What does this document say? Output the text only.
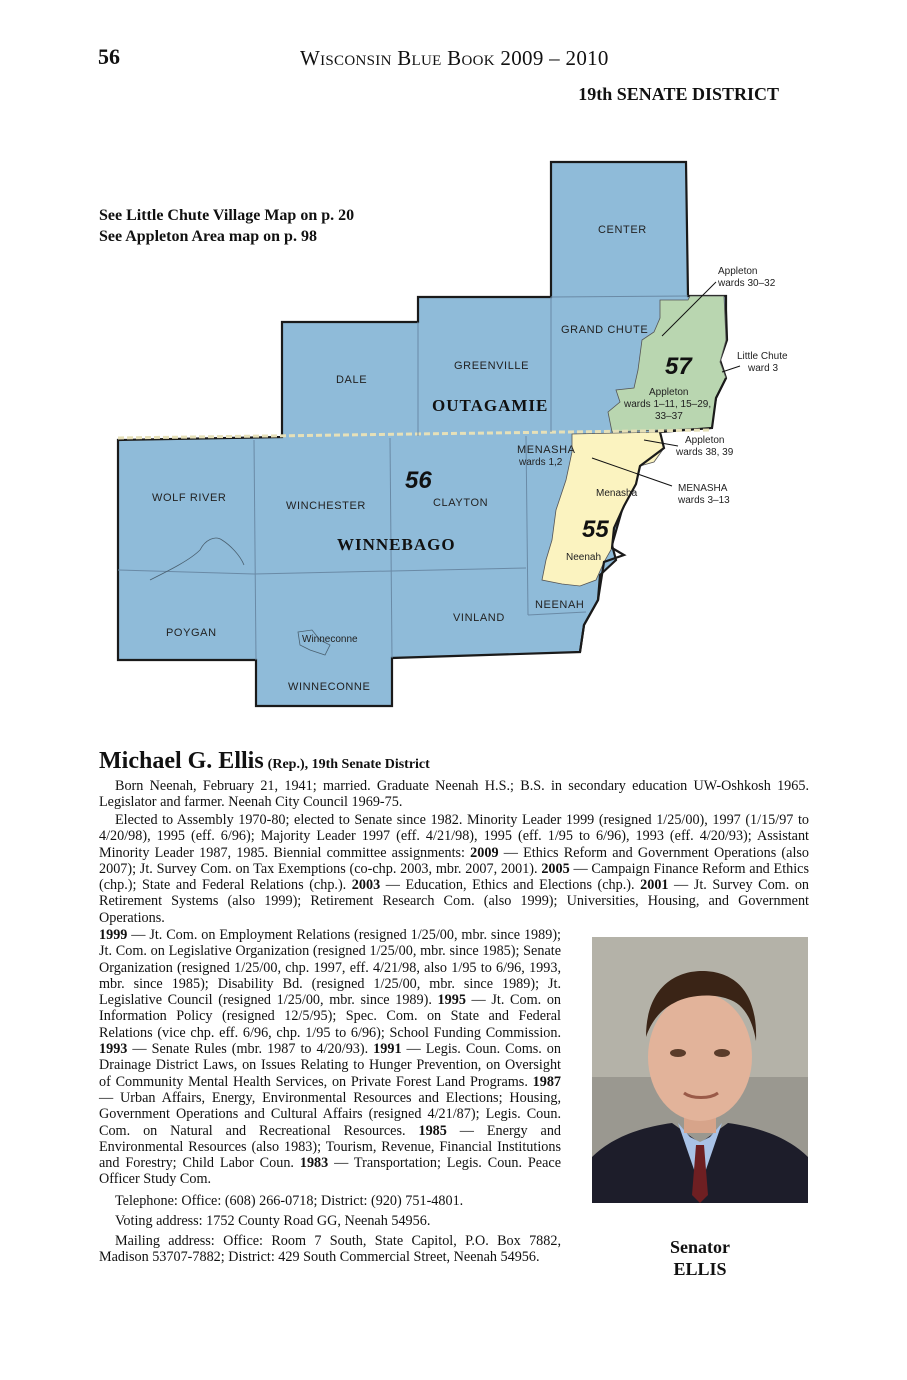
56	Wisconsin Blue Book 2009 – 2010
19th SENATE DISTRICT
CENTER
GRAND CHUTE
GREENVILLE
DALE
MENASHA
wards 1,2
WOLF RIVER
WINCHESTER	CLAYTON
VINLAND
NEENAH
POYGAN
WINNECONNE
Winneconne
Menasha
Neenah
OUTAGAMIE
WINNEBAGO
56
57
55
Appleton
wards 30–32
Little Chute
ward 3
Appleton
wards 1–11, 15–29,
33–37
Appleton
wards 38, 39
MENASHA
wards 3–13
See Little Chute Village Map on p. 20
See Appleton Area map on p. 98
Michael G. Ellis (Rep.), 19th Senate District
Born Neenah, February 21, 1941; married. Graduate Neenah H.S.; B.S. in secondary education UW-Oshkosh 1965. Legislator and farmer. Neenah City Council 1969-75.
Elected to Assembly 1970-80; elected to Senate since 1982. Minority Leader 1999 (resigned 1/25/00), 1997 (1/15/97 to 4/20/98), 1995 (eff. 6/96); Majority Leader 1997 (eff. 4/21/98), 1995 (eff. 1/95 to 6/96), 1993 (eff. 4/20/93); Assistant Minority Leader 1987, 1985. Biennial committee assignments: 2009 — Ethics Reform and Government Operations (also 2007); Jt. Survey Com. on Tax Exemptions (co-chp. 2003, mbr. 2007, 2001). 2005 — Campaign Finance Reform and Ethics (chp.); State and Federal Relations (chp.). 2003 — Education, Ethics and Elections (chp.). 2001 — Jt. Survey Com. on Retirement Systems (also 1999); Retirement Research Com. (also 1999); Universities, Housing, and Government Operations.
1999 — Jt. Com. on Employment Relations (resigned 1/25/00, mbr. since 1989); Jt. Com. on Legislative Organization (resigned 1/25/00, mbr. since 1985); Senate Organization (resigned 1/25/00, chp. 1997, eff. 4/21/98, also 1/95 to 6/96, 1993, mbr. since 1985); Disability Bd. (resigned 1/25/00, mbr. since 1989); Jt. Legislative Council (resigned 1/25/00, mbr. since 1989). 1995 — Jt. Com. on Information Policy (resigned 12/5/95); Spec. Com. on State and Federal Relations (vice chp. eff. 6/96, chp. 1/95 to 6/96); School Funding Commission. 1993 — Senate Rules (mbr. 1987 to 4/20/93). 1991 — Legis. Coun. Coms. on Drainage District Laws, on Issues Relating to Hunger Prevention, on Oversight of Community Mental Health Services, on Private Forest Land Programs. 1987 — Urban Affairs, Energy, Environmental Resources and Elections; Housing, Government Operations and Cultural Affairs (resigned 4/21/87); Legis. Coun. Com. on Natural and Recreational Resources. 1985 — Energy and Environmental Resources (also 1983); Tourism, Revenue, Financial Institutions and Forestry; Child Labor Coun. 1983 — Transportation; Legis. Coun. Peace Officer Study Com.
Telephone: Office: (608) 266-0718; District: (920) 751-4801.
Voting address: 1752 County Road GG, Neenah 54956.
Mailing address: Office: Room 7 South, State Capitol, P.O. Box 7882, Madison 53707-7882; District: 429 South Commercial Street, Neenah 54956.
Senator
ELLIS
